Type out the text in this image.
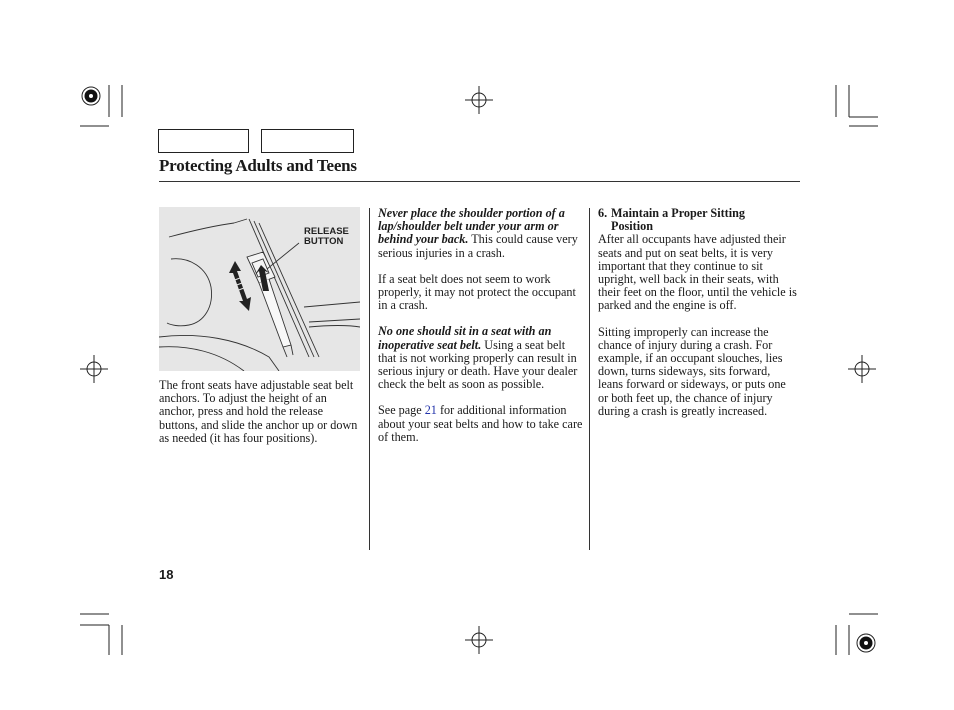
Protecting Adults and Teens
RELEASE
BUTTON

The front seats have adjustable seat belt anchors. To adjust the height of an anchor, press and hold the release buttons, and slide the anchor up or down as needed (it has four positions).

Never place the shoulder portion of a lap/shoulder belt under your arm or behind your back. This could cause very serious injuries in a crash.

If a seat belt does not seem to work properly, it may not protect the occupant in a crash.

No one should sit in a seat with an inoperative seat belt. Using a seat belt that is not working properly can result in serious injury or death. Have your dealer check the belt as soon as possible.

See page 21 for additional information about your seat belts and how to take care of them.

6. Maintain a Proper Sitting
Position

After all occupants have adjusted their seats and put on seat belts, it is very important that they continue to sit upright, well back in their seats, with their feet on the floor, until the vehicle is parked and the engine is off.

Sitting improperly can increase the chance of injury during a crash. For example, if an occupant slouches, lies down, turns sideways, sits forward, leans forward or sideways, or puts one or both feet up, the chance of injury during a crash is greatly increased.

18
